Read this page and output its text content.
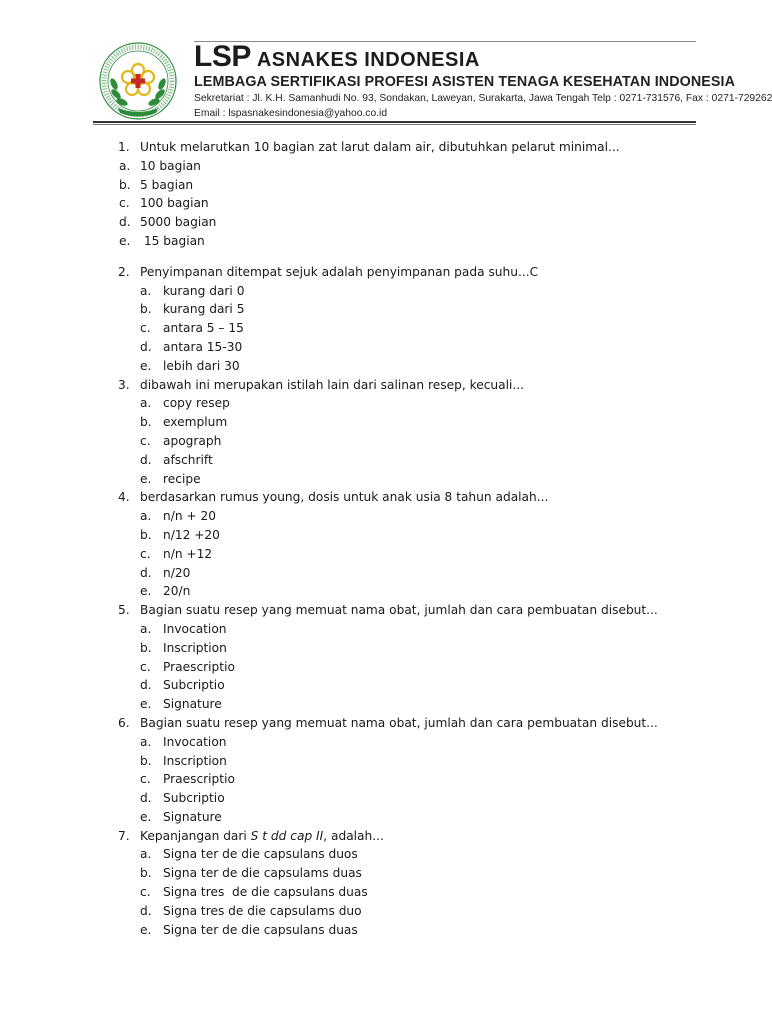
LSP ASNAKES INDONESIA
LEMBAGA SERTIFIKASI PROFESI ASISTEN TENAGA KESEHATAN INDONESIA
Sekretariat : Jl. K.H. Samanhudi No. 93, Sondakan, Laweyan, Surakarta, Jawa Tengah Telp : 0271-731576, Fax : 0271-729262
Email : lspasnakesindonesia@yahoo.co.id
1. Untuk melarutkan 10 bagian zat larut dalam air, dibutuhkan pelarut minimal...
a. 10 bagian
b. 5 bagian
c. 100 bagian
d. 5000 bagian
e. 15 bagian
2. Penyimpanan ditempat sejuk adalah penyimpanan pada suhu...C
a. kurang dari 0
b. kurang dari 5
c. antara 5 – 15
d. antara 15-30
e. lebih dari 30
3. dibawah ini merupakan istilah lain dari salinan resep, kecuali...
a. copy resep
b. exemplum
c. apograph
d. afschrift
e. recipe
4. berdasarkan rumus young, dosis untuk anak usia 8 tahun adalah...
a. n/n + 20
b. n/12 +20
c. n/n +12
d. n/20
e. 20/n
5. Bagian suatu resep yang memuat nama obat, jumlah dan cara pembuatan disebut...
a. Invocation
b. Inscription
c. Praescriptio
d. Subcriptio
e. Signature
6. Bagian suatu resep yang memuat nama obat, jumlah dan cara pembuatan disebut...
a. Invocation
b. Inscription
c. Praescriptio
d. Subcriptio
e. Signature
7. Kepanjangan dari S t dd cap II, adalah...
a. Signa ter de die capsulans duos
b. Signa ter de die capsulams duas
c. Signa tres  de die capsulans duas
d. Signa tres de die capsulams duo
e. Signa ter de die capsulans duas
